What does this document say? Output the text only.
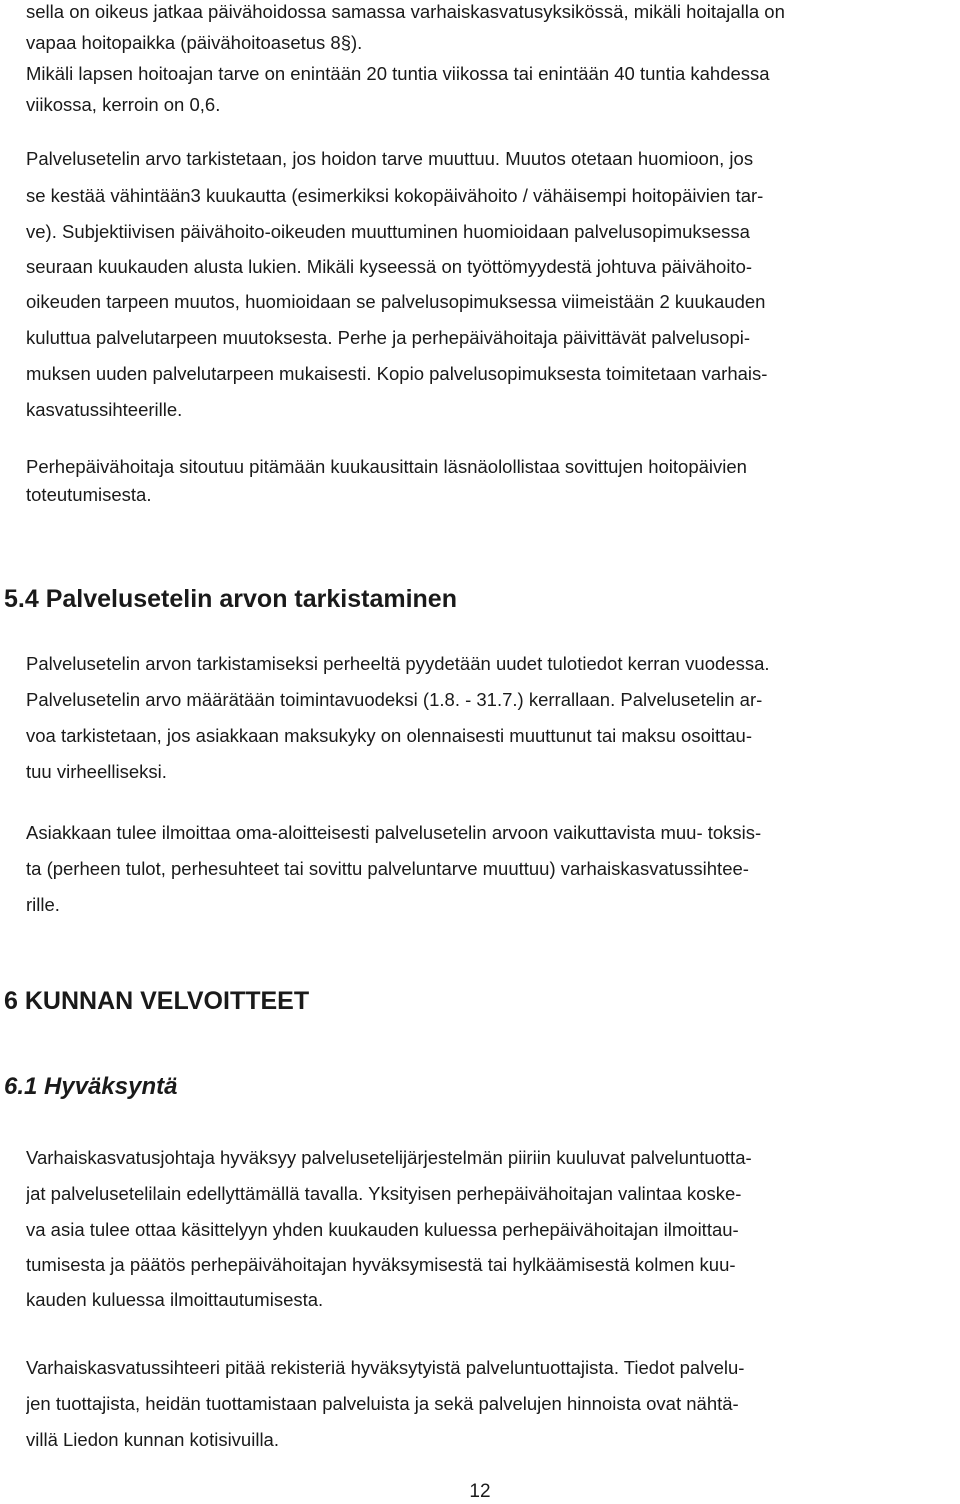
sella on oikeus jatkaa päivähoidossa samassa varhaiskasvatusyksikössä, mikäli hoitajalla on
vapaa hoitopaikka (päivähoitoasetus 8§).
Mikäli lapsen hoitoajan tarve on enintään 20 tuntia viikossa tai enintään 40 tuntia kahdessa
viikossa, kerroin on 0,6.
Palvelusetelin arvo tarkistetaan, jos hoidon tarve muuttuu. Muutos otetaan huomioon, jos
se kestää vähintään3 kuukautta (esimerkiksi kokopäivähoito / vähäisempi hoitopäivien tar-
ve). Subjektiivisen päivähoito-oikeuden muuttuminen huomioidaan palvelusopimuksessa
seuraan kuukauden alusta lukien. Mikäli kyseessä on työttömyydestä johtuva päivähoito-
oikeuden tarpeen muutos, huomioidaan se palvelusopimuksessa viimeistään 2 kuukauden
kuluttua palvelutarpeen muutoksesta. Perhe ja perhepäivähoitaja päivittävät palvelusopi-
muksen uuden palvelutarpeen mukaisesti. Kopio palvelusopimuksesta toimitetaan varhais-
kasvatussihteerille.
Perhepäivähoitaja sitoutuu pitämään kuukausittain läsnäolollistaa sovittujen hoitopäivien
toteutumisesta.
5.4 Palvelusetelin arvon tarkistaminen
Palvelusetelin arvon tarkistamiseksi perheeltä pyydetään uudet tulotiedot kerran vuodessa.
Palvelusetelin arvo määrätään toimintavuodeksi (1.8. - 31.7.) kerrallaan. Palvelusetelin ar-
voa tarkistetaan, jos asiakkaan maksukyky on olennaisesti muuttunut tai maksu osoittau-
tuu virheelliseksi.
Asiakkaan tulee ilmoittaa oma-aloitteisesti palvelusetelin arvoon vaikuttavista muu- toksis-
ta (perheen tulot, perhesuhteet tai sovittu palveluntarve muuttuu) varhaiskasvatussihtee-
rille.
6 KUNNAN VELVOITTEET
6.1 Hyväksyntä
Varhaiskasvatusjohtaja hyväksyy palvelusetelijärjestelmän piiriin kuuluvat palveluntuotta-
jat palvelusetelilain edellyttämällä tavalla. Yksityisen perhepäivähoitajan valintaa koske-
va asia tulee ottaa käsittelyyn yhden kuukauden kuluessa perhepäivähoitajan ilmoittau-
tumisesta ja päätös perhepäivähoitajan hyväksymisestä tai hylkäämisestä kolmen kuu-
kauden kuluessa ilmoittautumisesta.
Varhaiskasvatussihteeri pitää rekisteriä hyväksytyistä palveluntuottajista. Tiedot palvelu-
jen tuottajista, heidän tuottamistaan palveluista ja sekä palvelujen hinnoista ovat nähtä-
villä Liedon kunnan kotisivuilla.
12
